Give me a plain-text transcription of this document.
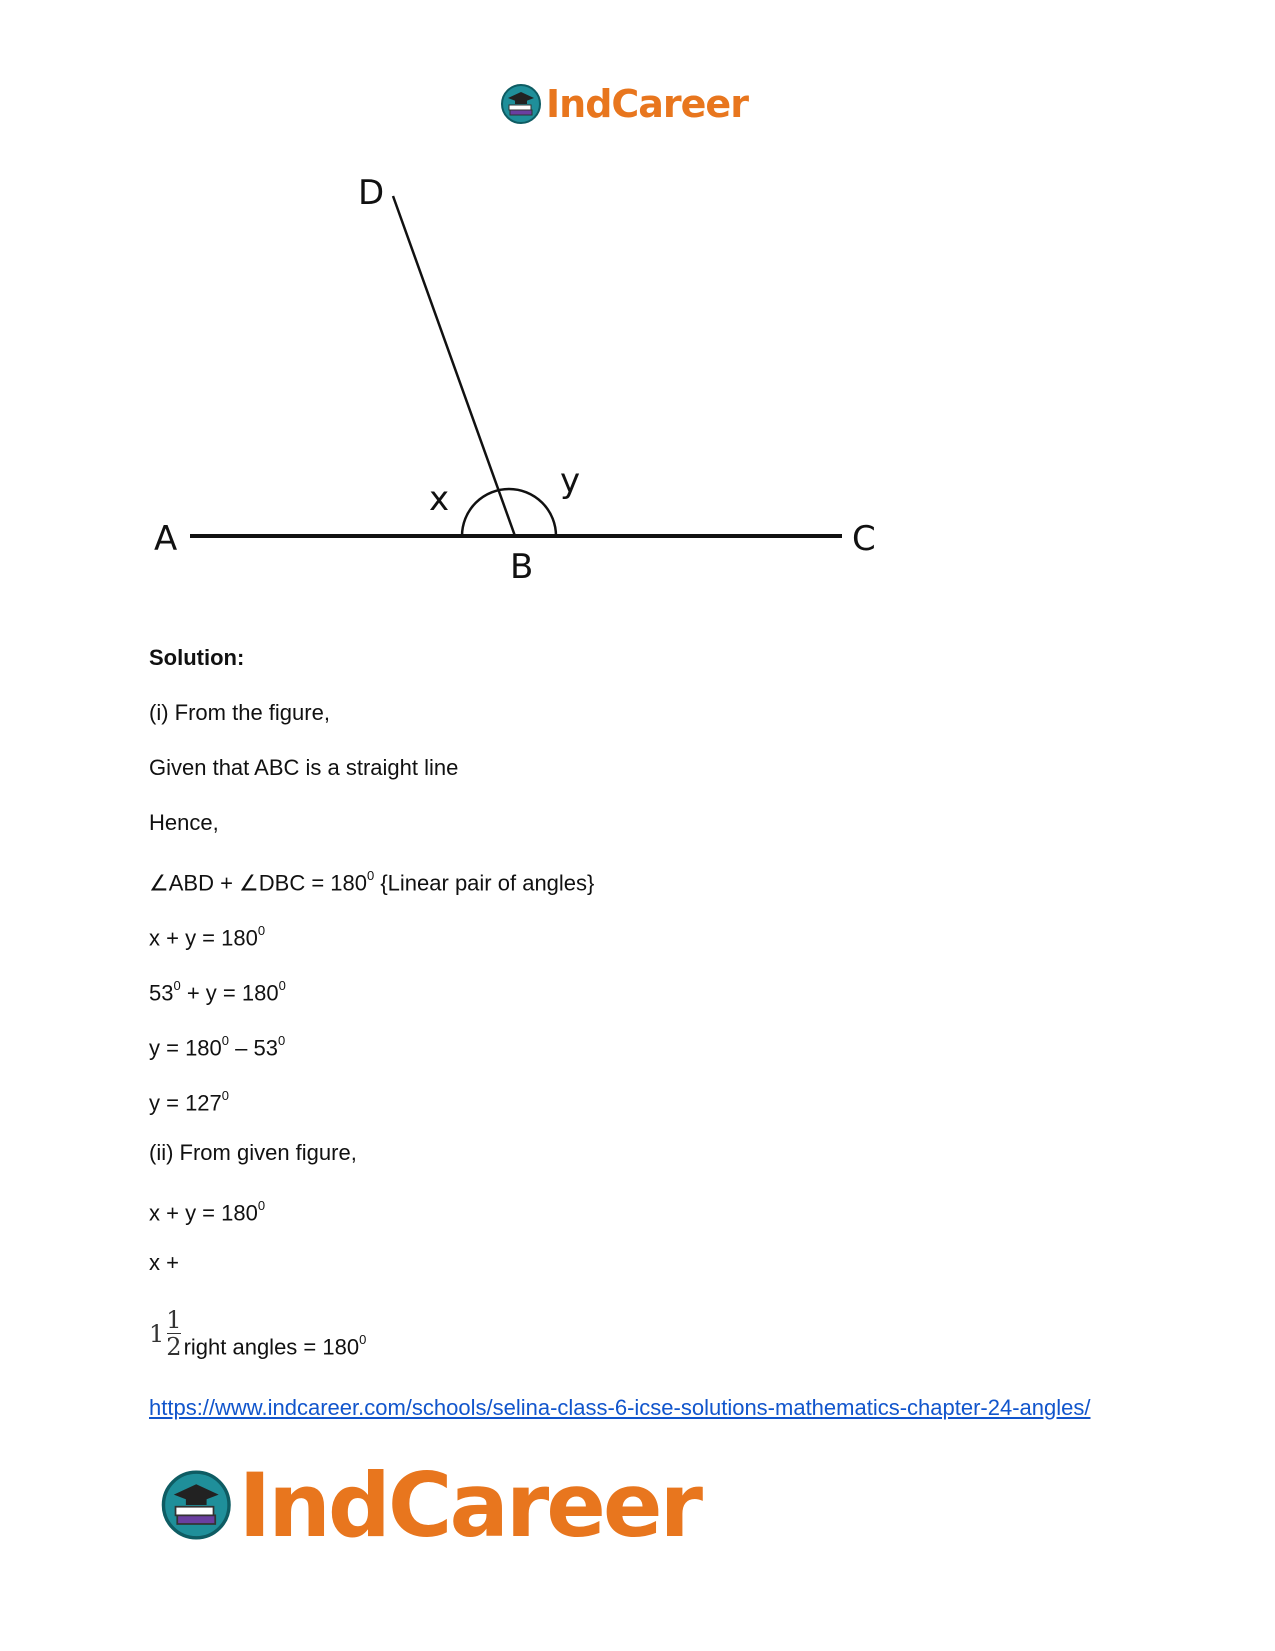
IndCareer
A
B
C
D
x	y
Solution:
(i) From the figure,
Given that ABC is a straight line
Hence,
∠ABD + ∠DBC = $180^0$ {Linear pair of angles}
$x + y = 180^0$
$53^0 + y = 180^0$
$y = 180^0 - 53^0$
$y = 127^0$
(ii) From given figure,
$x + y = 180^0$
x +
$1 \frac{1}{2}$ right angles = $180^0$
https://www.indcareer.com/schools/selina-class-6-icse-solutions-mathematics-chapter-24-angles/
IndCareer
